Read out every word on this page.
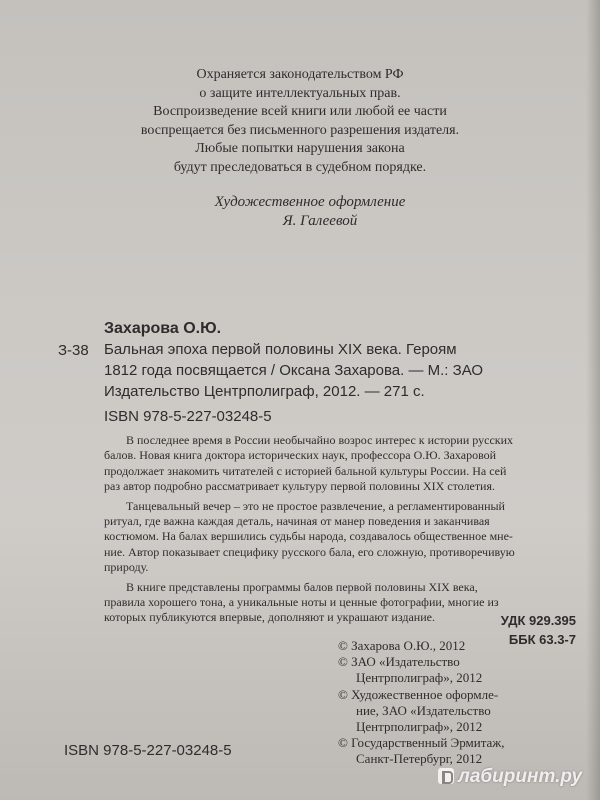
Охраняется законодательством РФ
о защите интеллектуальных прав.
Воспроизведение всей книги или любой ее части
воспрещается без письменного разрешения издателя.
Любые попытки нарушения закона
будут преследоваться в судебном порядке.
Художественное оформление
Я. Галеевой
Захарова О.Ю.
З-38 Бальная эпоха первой половины XIX века. Героям
1812 года посвящается / Оксана Захарова. — М.: ЗАО
Издательство Центрполиграф, 2012. — 271 с.
ISBN 978-5-227-03248-5
В последнее время в России необычайно возрос интерес к истории русских
балов. Новая книга доктора исторических наук, профессора О.Ю. Захаровой
продолжает знакомить читателей с историей бальной культуры России. На сей
раз автор подробно рассматривает культуру первой половины XIX столетия.
Танцевальный вечер – это не простое развлечение, а регламентированный
ритуал, где важна каждая деталь, начиная от манер поведения и заканчивая
костюмом. На балах вершились судьбы народа, создавалось общественное мне-
ние. Автор показывает специфику русского бала, его сложную, противоречивую
природу.
В книге представлены программы балов первой половины XIX века,
правила хорошего тона, а уникальные ноты и ценные фотографии, многие из
которых публикуются впервые, дополняют и украшают издание.	УДК 929.395
ББК 63.3-7
© Захарова О.Ю., 2012
© ЗАО «Издательство
Центрполиграф», 2012
© Художественное оформле-
ние, ЗАО «Издательство
Центрполиграф», 2012
© Государственный Эрмитаж,
Санкт-Петербург, 2012
ISBN 978-5-227-03248-5
лабиринт.ру
